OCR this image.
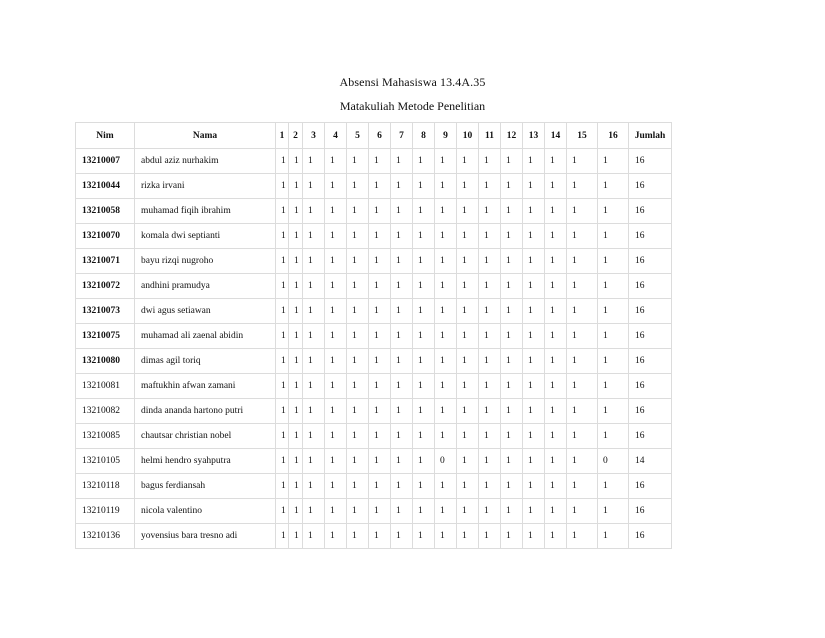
Absensi Mahasiswa 13.4A.35
Matakuliah Metode Penelitian
Nim	Nama	1	2	3	4	5	6	7	8	9	10	11	12	13	14	15	16	Jumlah
13210007	abdul aziz nurhakim	1	1	1	1	1	1	1	1	1	1	1	1	1	1	1	1	16
13210044	rizka irvani	1	1	1	1	1	1	1	1	1	1	1	1	1	1	1	1	16
13210058	muhamad fiqih ibrahim	1	1	1	1	1	1	1	1	1	1	1	1	1	1	1	1	16
13210070	komala dwi septianti	1	1	1	1	1	1	1	1	1	1	1	1	1	1	1	1	16
13210071	bayu rizqi nugroho	1	1	1	1	1	1	1	1	1	1	1	1	1	1	1	1	16
13210072	andhini pramudya	1	1	1	1	1	1	1	1	1	1	1	1	1	1	1	1	16
13210073	dwi agus setiawan	1	1	1	1	1	1	1	1	1	1	1	1	1	1	1	1	16
13210075	muhamad ali zaenal abidin	1	1	1	1	1	1	1	1	1	1	1	1	1	1	1	1	16
13210080	dimas agil toriq	1	1	1	1	1	1	1	1	1	1	1	1	1	1	1	1	16
13210081	maftukhin afwan zamani	1	1	1	1	1	1	1	1	1	1	1	1	1	1	1	1	16
13210082	dinda ananda hartono putri	1	1	1	1	1	1	1	1	1	1	1	1	1	1	1	1	16
13210085	chautsar christian nobel	1	1	1	1	1	1	1	1	1	1	1	1	1	1	1	1	16
13210105	helmi hendro syahputra	1	1	1	1	1	1	1	1	0	1	1	1	1	1	1	0	14
13210118	bagus ferdiansah	1	1	1	1	1	1	1	1	1	1	1	1	1	1	1	1	16
13210119	nicola valentino	1	1	1	1	1	1	1	1	1	1	1	1	1	1	1	1	16
13210136	yovensius bara tresno adi	1	1	1	1	1	1	1	1	1	1	1	1	1	1	1	1	16
